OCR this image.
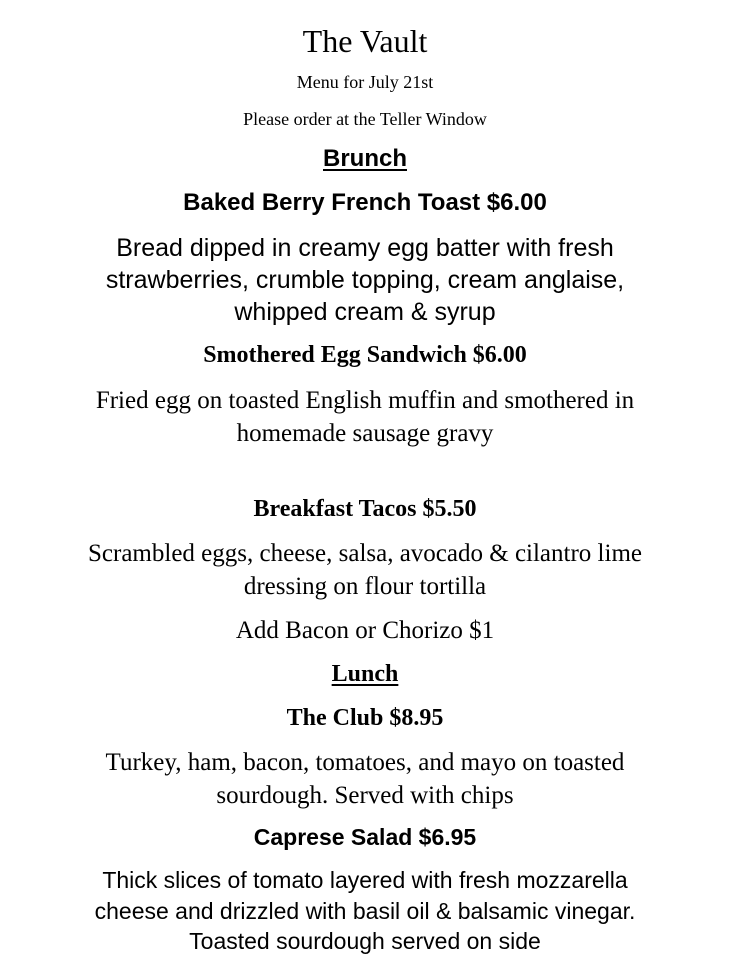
The Vault
Menu for July 21st
Please order at the Teller Window
Brunch
Baked Berry French Toast $6.00
Bread dipped in creamy egg batter with fresh
strawberries, crumble topping, cream anglaise,
whipped cream & syrup
Smothered Egg Sandwich $6.00
Fried egg on toasted English muffin and smothered in
homemade sausage gravy
Breakfast Tacos $5.50
Scrambled eggs, cheese, salsa, avocado & cilantro lime
dressing on flour tortilla
Add Bacon or Chorizo $1
Lunch
The Club $8.95
Turkey, ham, bacon, tomatoes, and mayo on toasted
sourdough. Served with chips
Caprese Salad $6.95
Thick slices of tomato layered with fresh mozzarella
cheese and drizzled with basil oil & balsamic vinegar.
Toasted sourdough served on side
